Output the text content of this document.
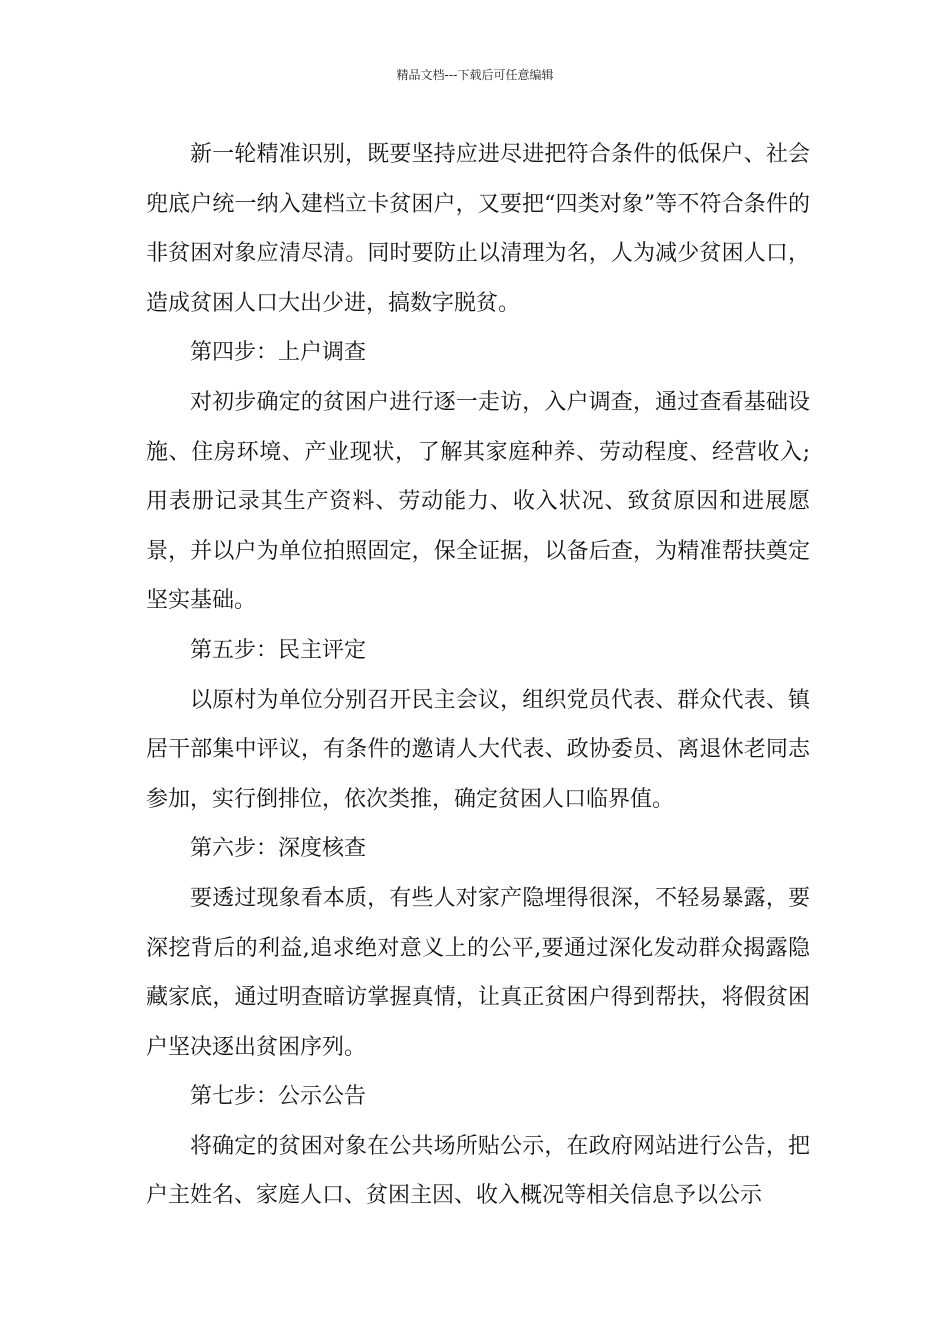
精品文档---下载后可任意编辑

新一轮精准识别，既要坚持应进尽进把符合条件的低保户、社会兜底户统一纳入建档立卡贫困户，又要把“四类对象”等不符合条件的非贫困对象应清尽清。同时要防止以清理为名，人为减少贫困人口，造成贫困人口大出少进，搞数字脱贫。

第四步：上户调查

对初步确定的贫困户进行逐一走访，入户调查，通过查看基础设施、住房环境、产业现状，了解其家庭种养、劳动程度、经营收入;用表册记录其生产资料、劳动能力、收入状况、致贫原因和进展愿景，并以户为单位拍照固定，保全证据，以备后查，为精准帮扶奠定坚实基础。

第五步：民主评定

以原村为单位分别召开民主会议，组织党员代表、群众代表、镇居干部集中评议，有条件的邀请人大代表、政协委员、离退休老同志参加，实行倒排位，依次类推，确定贫困人口临界值。

第六步：深度核查

要透过现象看本质，有些人对家产隐埋得很深，不轻易暴露，要深挖背后的利益,追求绝对意义上的公平,要通过深化发动群众揭露隐藏家底，通过明查暗访掌握真情，让真正贫困户得到帮扶，将假贫困户坚决逐出贫困序列。

第七步：公示公告

将确定的贫困对象在公共场所贴公示，在政府网站进行公告，把户主姓名、家庭人口、贫困主因、收入概况等相关信息予以公示
